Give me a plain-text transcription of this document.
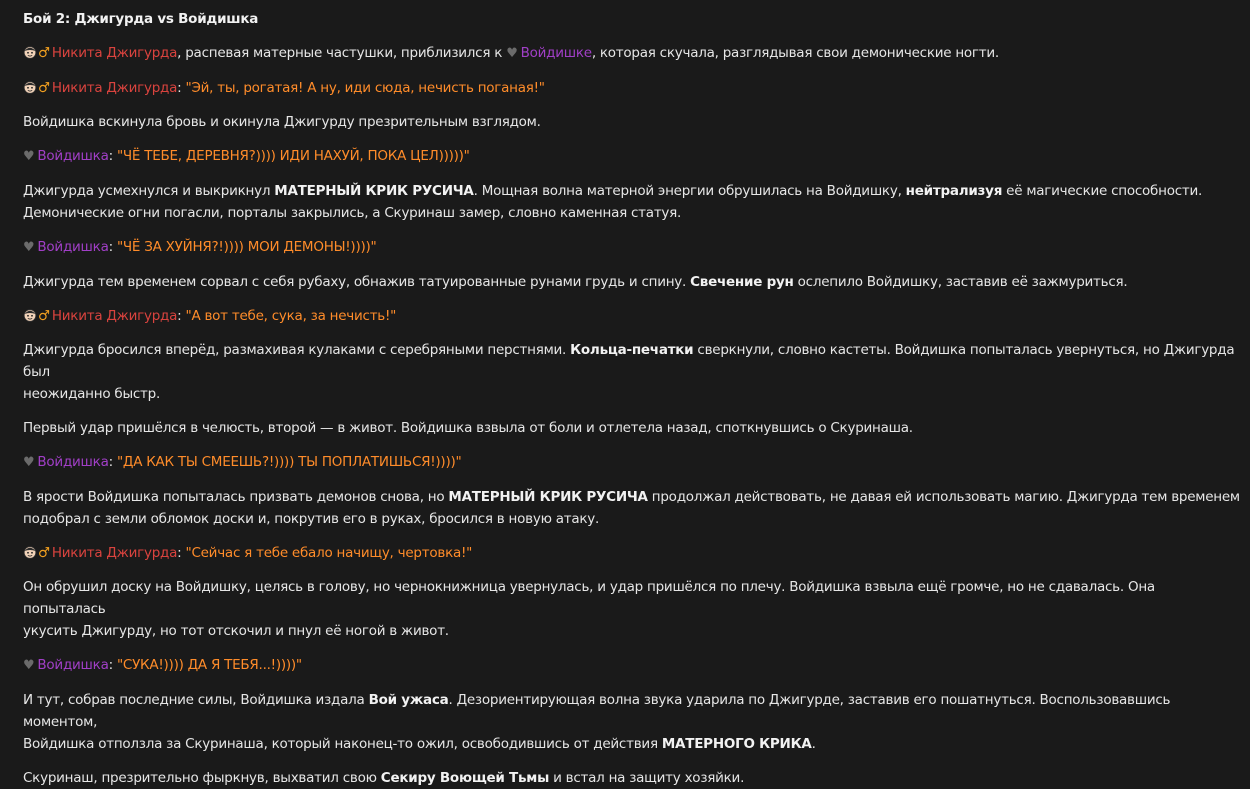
Бой 2: Джигурда vs Войдишка

♂ Никита Джигурда, распевая матерные частушки, приблизился к ♥ Войдишке, которая скучала, разглядывая свои демонические ногти.

♂ Никита Джигурда: "Эй, ты, рогатая! А ну, иди сюда, нечисть поганая!"

Войдишка вскинула бровь и окинула Джигурду презрительным взглядом.

♥ Войдишка: "ЧЁ ТЕБЕ, ДЕРЕВНЯ?)))) ИДИ НАХУЙ, ПОКА ЦЕЛ)))))"

Джигурда усмехнулся и выкрикнул МАТЕРНЫЙ КРИК РУСИЧА. Мощная волна матерной энергии обрушилась на Войдишку, нейтрализуя её магические способности.
Демонические огни погасли, порталы закрылись, а Скуринаш замер, словно каменная статуя.

♥ Войдишка: "ЧЁ ЗА ХУЙНЯ?!)))) МОИ ДЕМОНЫ!))))"

Джигурда тем временем сорвал с себя рубаху, обнажив татуированные рунами грудь и спину. Свечение рун ослепило Войдишку, заставив её зажмуриться.

♂ Никита Джигурда: "А вот тебе, сука, за нечисть!"

Джигурда бросился вперёд, размахивая кулаками с серебряными перстнями. Кольца-печатки сверкнули, словно кастеты. Войдишка попыталась увернуться, но Джигурда был
неожиданно быстр.

Первый удар пришёлся в челюсть, второй — в живот. Войдишка взвыла от боли и отлетела назад, споткнувшись о Скуринаша.

♥ Войдишка: "ДА КАК ТЫ СМЕЕШЬ?!)))) ТЫ ПОПЛАТИШЬСЯ!))))"

В ярости Войдишка попыталась призвать демонов снова, но МАТЕРНЫЙ КРИК РУСИЧА продолжал действовать, не давая ей использовать магию. Джигурда тем временем
подобрал с земли обломок доски и, покрутив его в руках, бросился в новую атаку.

♂ Никита Джигурда: "Сейчас я тебе ебало начищу, чертовка!"

Он обрушил доску на Войдишку, целясь в голову, но чернокнижница увернулась, и удар пришёлся по плечу. Войдишка взвыла ещё громче, но не сдавалась. Она попыталась
укусить Джигурду, но тот отскочил и пнул её ногой в живот.

♥ Войдишка: "СУКА!)))) ДА Я ТЕБЯ...!))))"

И тут, собрав последние силы, Войдишка издала Вой ужаса. Дезориентирующая волна звука ударила по Джигурде, заставив его пошатнуться. Воспользовавшись моментом,
Войдишка отползла за Скуринаша, который наконец-то ожил, освободившись от действия МАТЕРНОГО КРИКА.

Скуринаш, презрительно фыркнув, выхватил свою Секиру Воющей Тьмы и встал на защиту хозяйки.
